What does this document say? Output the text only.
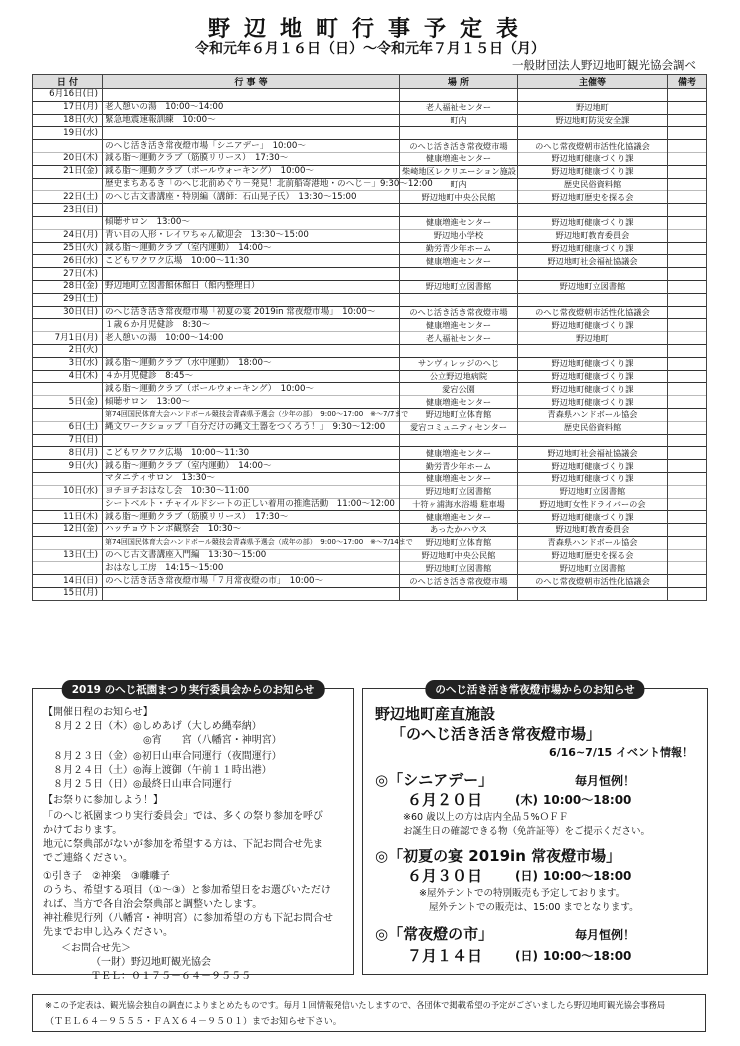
野辺地町行事予定表
令和元年６月１６日（日）～令和元年７月１５日（月）
一般財団法人野辺地町観光協会調べ
日 付	行 事 等	場 所	主催等	備考
6月16日(日)				
17日(月)	老人憩いの湯　10:00～14:00	老人福祉センター	野辺地町	
18日(火)	緊急地震速報訓練　10:00～	町内	野辺地町防災安全課	
19日(水)				
	のへじ活き活き常夜燈市場「シニアデー」　10:00～	のへじ活き活き常夜燈市場	のへじ常夜燈朝市活性化協議会	
20日(木)	減る脂～運動クラブ（筋膜リリース）　17:30～	健康増進センター	野辺地町健康づくり課	
21日(金)	減る脂～運動クラブ（ポールウォーキング）　10:00～	柴崎地区レクリエーション施設	野辺地町健康づくり課	
	歴史まちあるき「のへじ北前めぐり－発見！北前船寄港地・のへじ－」9:30～12:00	町内	歴史民俗資料館	
22日(土)	のへじ古文書講座・特別編（講師：石山晃子氏）　13:30～15:00	野辺地町中央公民館	野辺地町歴史を探る会	
23日(日)				
	傾聴サロン　13:00～	健康増進センター	野辺地町健康づくり課	
24日(月)	青い目の人形・レイワちゃん歓迎会　13:30～15:00	野辺地小学校	野辺地町教育委員会	
25日(火)	減る脂～運動クラブ（室内運動）　14:00～	勤労青少年ホーム	野辺地町健康づくり課	
26日(水)	こどもワクワク広場　10:00～11:30	健康増進センター	野辺地町社会福祉協議会	
27日(木)				
28日(金)	野辺地町立図書館休館日（館内整理日）	野辺地町立図書館	野辺地町立図書館	
29日(土)				
30日(日)	のへじ活き活き常夜燈市場「初夏の宴 2019in 常夜燈市場」　10:00～	のへじ活き活き常夜燈市場	のへじ常夜燈朝市活性化協議会	
	１歳６か月児健診　8:30～	健康増進センター	野辺地町健康づくり課	
7月1日(月)	老人憩いの湯　10:00～14:00	老人福祉センター	野辺地町	
2日(火)				
3日(水)	減る脂～運動クラブ（水中運動）　18:00～	サンヴィレッジのへじ	野辺地町健康づくり課	
4日(木)	４か月児健診　8:45～	公立野辺地病院	野辺地町健康づくり課	
	減る脂～運動クラブ（ポールウォーキング）　10:00～	愛宕公園	野辺地町健康づくり課	
5日(金)	傾聴サロン　13:00～	健康増進センター	野辺地町健康づくり課	
	第74回国民体育大会ハンドボール競技会青森県予選会（少年の部）　9:00～17:00　※～7/7まで	野辺地町立体育館	青森県ハンドボール協会	
6日(土)	縄文ワークショップ「自分だけの縄文土器をつくろう！」　9:30～12:00	愛宕コミュニティセンター	歴史民俗資料館	
7日(日)				
8日(月)	こどもワクワク広場　10:00～11:30	健康増進センター	野辺地町社会福祉協議会	
9日(火)	減る脂～運動クラブ（室内運動）　14:00～	勤労青少年ホーム	野辺地町健康づくり課	
	マタニティサロン　13:30～	健康増進センター	野辺地町健康づくり課	
10日(水)	ヨチヨチおはなし会　10:30～11:00	野辺地町立図書館	野辺地町立図書館	
	シートベルト・チャイルドシートの正しい着用の推進活動　11:00～12:00	十符ヶ浦海水浴場 駐車場	野辺地町女性ドライバーの会	
11日(木)	減る脂～運動クラブ（筋膜リリース）　17:30～	健康増進センター	野辺地町健康づくり課	
12日(金)	ハッチョウトンボ観察会　10:30～	あったかハウス	野辺地町教育委員会	
	第74回国民体育大会ハンドボール競技会青森県予選会（成年の部）　9:00～17:00　※～7/14まで	野辺地町立体育館	青森県ハンドボール協会	
13日(土)	のへじ古文書講座入門編　13:30～15:00	野辺地町中央公民館	野辺地町歴史を探る会	
	おはなし工房　14:15～15:00	野辺地町立図書館	野辺地町立図書館	
14日(日)	のへじ活き活き常夜燈市場「７月常夜燈の市」　10:00～	のへじ活き活き常夜燈市場	のへじ常夜燈朝市活性化協議会	
15日(月)				
2019 のへじ祇園まつり実行委員会からのお知らせ
【開催日程のお知らせ】
８月２２日（木）◎しめあげ（大しめ縄奉納）
　　　　　　　　　◎宵　　宮（八幡宮・神明宮）
８月２３日（金）◎初日山車合同運行（夜間運行）
８月２４日（土）◎海上渡御（午前１１時出港）
８月２５日（日）◎最終日山車合同運行
【お祭りに参加しよう！】
「のへじ祇園まつり実行委員会」では、多くの祭り参加を呼び
かけております。
地元に祭典部がないが参加を希望する方は、下記お問合せ先ま
でご連絡ください。
①引き子　②神楽　③囃囃子
のうち、希望する項目（①～③）と参加希望日をお選びいただけ
れば、当方で各自治会祭典部と調整いたします。
神社稚児行列（八幡宮・神明宮）に参加希望の方も下記お問合せ
先までお申し込みください。
＜お問合せ先＞
（一財）野辺地町観光協会
ＴＥＬ：０１７５－６４－９５５５
のへじ活き活き常夜燈市場からのお知らせ
野辺地町産直施設
「のへじ活き活き常夜燈市場」
6/16~7/15 イベント情報！
◎「シニアデー」	毎月恒例！
６月２０日	(木) 10:00～18:00
※60 歳以上の方は店内全品５%ＯＦＦ
お誕生日の確認できる物（免許証等）をご提示ください。
◎「初夏の宴 2019in 常夜燈市場」
６月３０日	(日) 10:00～18:00
※屋外テントでの特別販売も予定しております。
屋外テントでの販売は、15:00 までとなります。
◎「常夜燈の市」	毎月恒例！
７月１４日	(日) 10:00～18:00
※この予定表は、観光協会独自の調査によりまとめたものです。毎月１回情報発信いたしますので、各団体で掲載希望の予定がございましたら野辺地町観光協会事務局
（ＴＥＬ６４－９５５５・ＦＡＸ６４－９５０１）までお知らせ下さい。
